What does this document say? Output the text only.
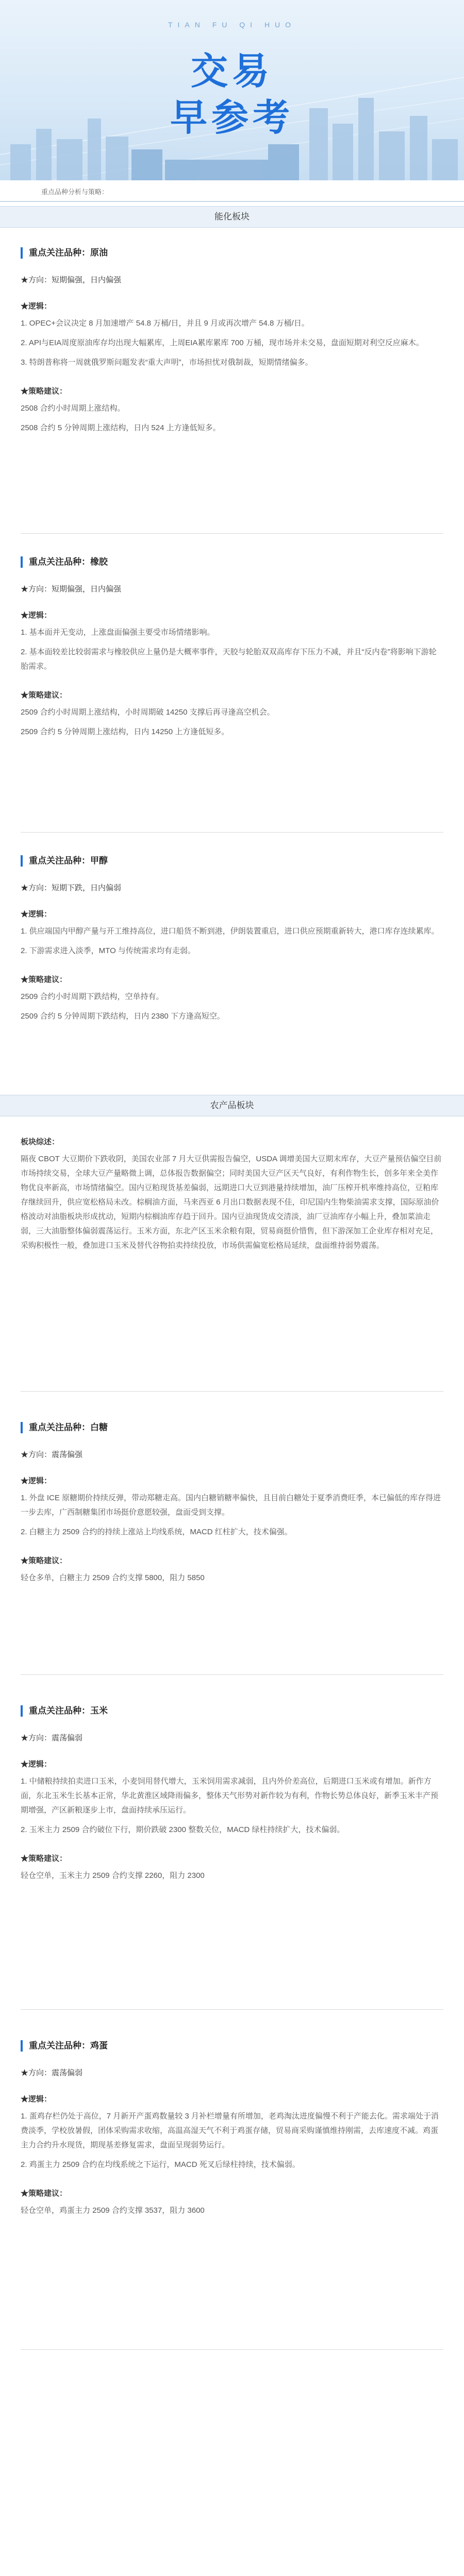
TIAN FU QI HUO
交易
早参考
重点品种分析与策略：
能化板块
重点关注品种：原油
★方向：短期偏强，日内偏强
★逻辑：
1. OPEC+会议决定 8 月加速增产 54.8 万桶/日，并且 9 月或再次增产 54.8 万桶/日。
2. API与EIA周度原油库存均出现大幅累库，上周EIA累库累库 700 万桶，现市场并未交易，盘面短期对利空反应麻木。
3. 特朗普称将一周就俄罗斯问题发表“重大声明”，市场担忧对俄制裁，短期情绪偏多。
★策略建议：
2508 合约小时周期上涨结构。
2508 合约 5 分钟周期上涨结构，日内 524 上方逢低短多。
重点关注品种：橡胶
★方向：短期偏强，日内偏强
★逻辑：
1. 基本面并无变动，上涨盘面偏强主要受市场情绪影响。
2. 基本面较差比较弱需求与橡胶供应上量仍是大概率事件，天胶与轮胎双双高库存下压力不减，并且“反内卷”将影响下游轮胎需求。
★策略建议：
2509 合约小时周期上涨结构，小时周期破 14250 支撑后再寻逢高空机会。
2509 合约 5 分钟周期上涨结构，日内 14250 上方逢低短多。
重点关注品种：甲醇
★方向：短期下跌，日内偏弱
★逻辑：
1. 供应端国内甲醇产量与开工维持高位，进口船货不断到港，伊朗装置重启，进口供应预期重新转大，港口库存连续累库。
2. 下游需求进入淡季，MTO 与传统需求均有走弱。
★策略建议：
2509 合约小时周期下跌结构，空单持有。
2509 合约 5 分钟周期下跌结构，日内 2380 下方逢高短空。
农产品板块
板块综述：
隔夜 CBOT 大豆期价下跌收阴，美国农业部 7 月大豆供需报告偏空，USDA 调增美国大豆期末库存，大豆产量预估偏空目前市场持续交易，全球大豆产量略微上调，总体报告数据偏空；同时美国大豆产区天气良好，有利作物生长，创多年来全美作物优良率新高，市场情绪偏空。国内豆粕现货基差偏弱，远期进口大豆到港量持续增加，油厂压榨开机率维持高位，豆粕库存继续回升，供应宽松格局未改。棕榈油方面，马来西亚 6 月出口数据表现不佳，印尼国内生物柴油需求支撑，国际原油价格波动对油脂板块形成扰动，短期内棕榈油库存趋于回升。国内豆油现货成交清淡，油厂豆油库存小幅上升，叠加菜油走弱，三大油脂整体偏弱震荡运行。玉米方面，东北产区玉米余粮有限，贸易商挺价惜售，但下游深加工企业库存相对充足，采购积极性一般，叠加进口玉米及替代谷物拍卖持续投放，市场供需偏宽松格局延续，盘面维持弱势震荡。
重点关注品种：白糖
★方向：震荡偏强
★逻辑：
1. 外盘 ICE 原糖期价持续反弹，带动郑糖走高。国内白糖销糖率偏快，且目前白糖处于夏季消费旺季，本已偏低的库存得进一步去库，广西制糖集团市场挺价意愿较强，盘面受到支撑。
2. 白糖主力 2509 合约的持续上涨站上均线系统，MACD 红柱扩大，技术偏强。
★策略建议：
轻仓多单，白糖主力 2509 合约支撑 5800，阻力 5850
重点关注品种：玉米
★方向：震荡偏弱
★逻辑：
1. 中储粮持续拍卖进口玉米，小麦饲用替代增大，玉米饲用需求减弱，且内外价差高位，后期进口玉米或有增加。新作方面，东北玉米生长基本正常，华北黄淮区域降雨偏多，整体天气形势对新作较为有利，作物长势总体良好，新季玉米丰产预期增强，产区新粮逐步上市，盘面持续承压运行。
2. 玉米主力 2509 合约破位下行，期价跌破 2300 整数关位，MACD 绿柱持续扩大，技术偏弱。
★策略建议：
轻仓空单，玉米主力 2509 合约支撑 2260，阻力 2300
重点关注品种：鸡蛋
★方向：震荡偏弱
★逻辑：
1. 蛋鸡存栏仍处于高位，7 月新开产蛋鸡数量较 3 月补栏增量有所增加，老鸡淘汰进度偏慢不利于产能去化。需求端处于消费淡季，学校放暑假，团体采购需求收缩，高温高湿天气不利于鸡蛋存储，贸易商采购谨慎维持刚需，去库速度不减。鸡蛋主力合约升水现货，期现基差修复需求，盘面呈现弱势运行。
2. 鸡蛋主力 2509 合约在均线系统之下运行，MACD 死叉后绿柱持续，技术偏弱。
★策略建议：
轻仓空单，鸡蛋主力 2509 合约支撑 3537，阻力 3600
